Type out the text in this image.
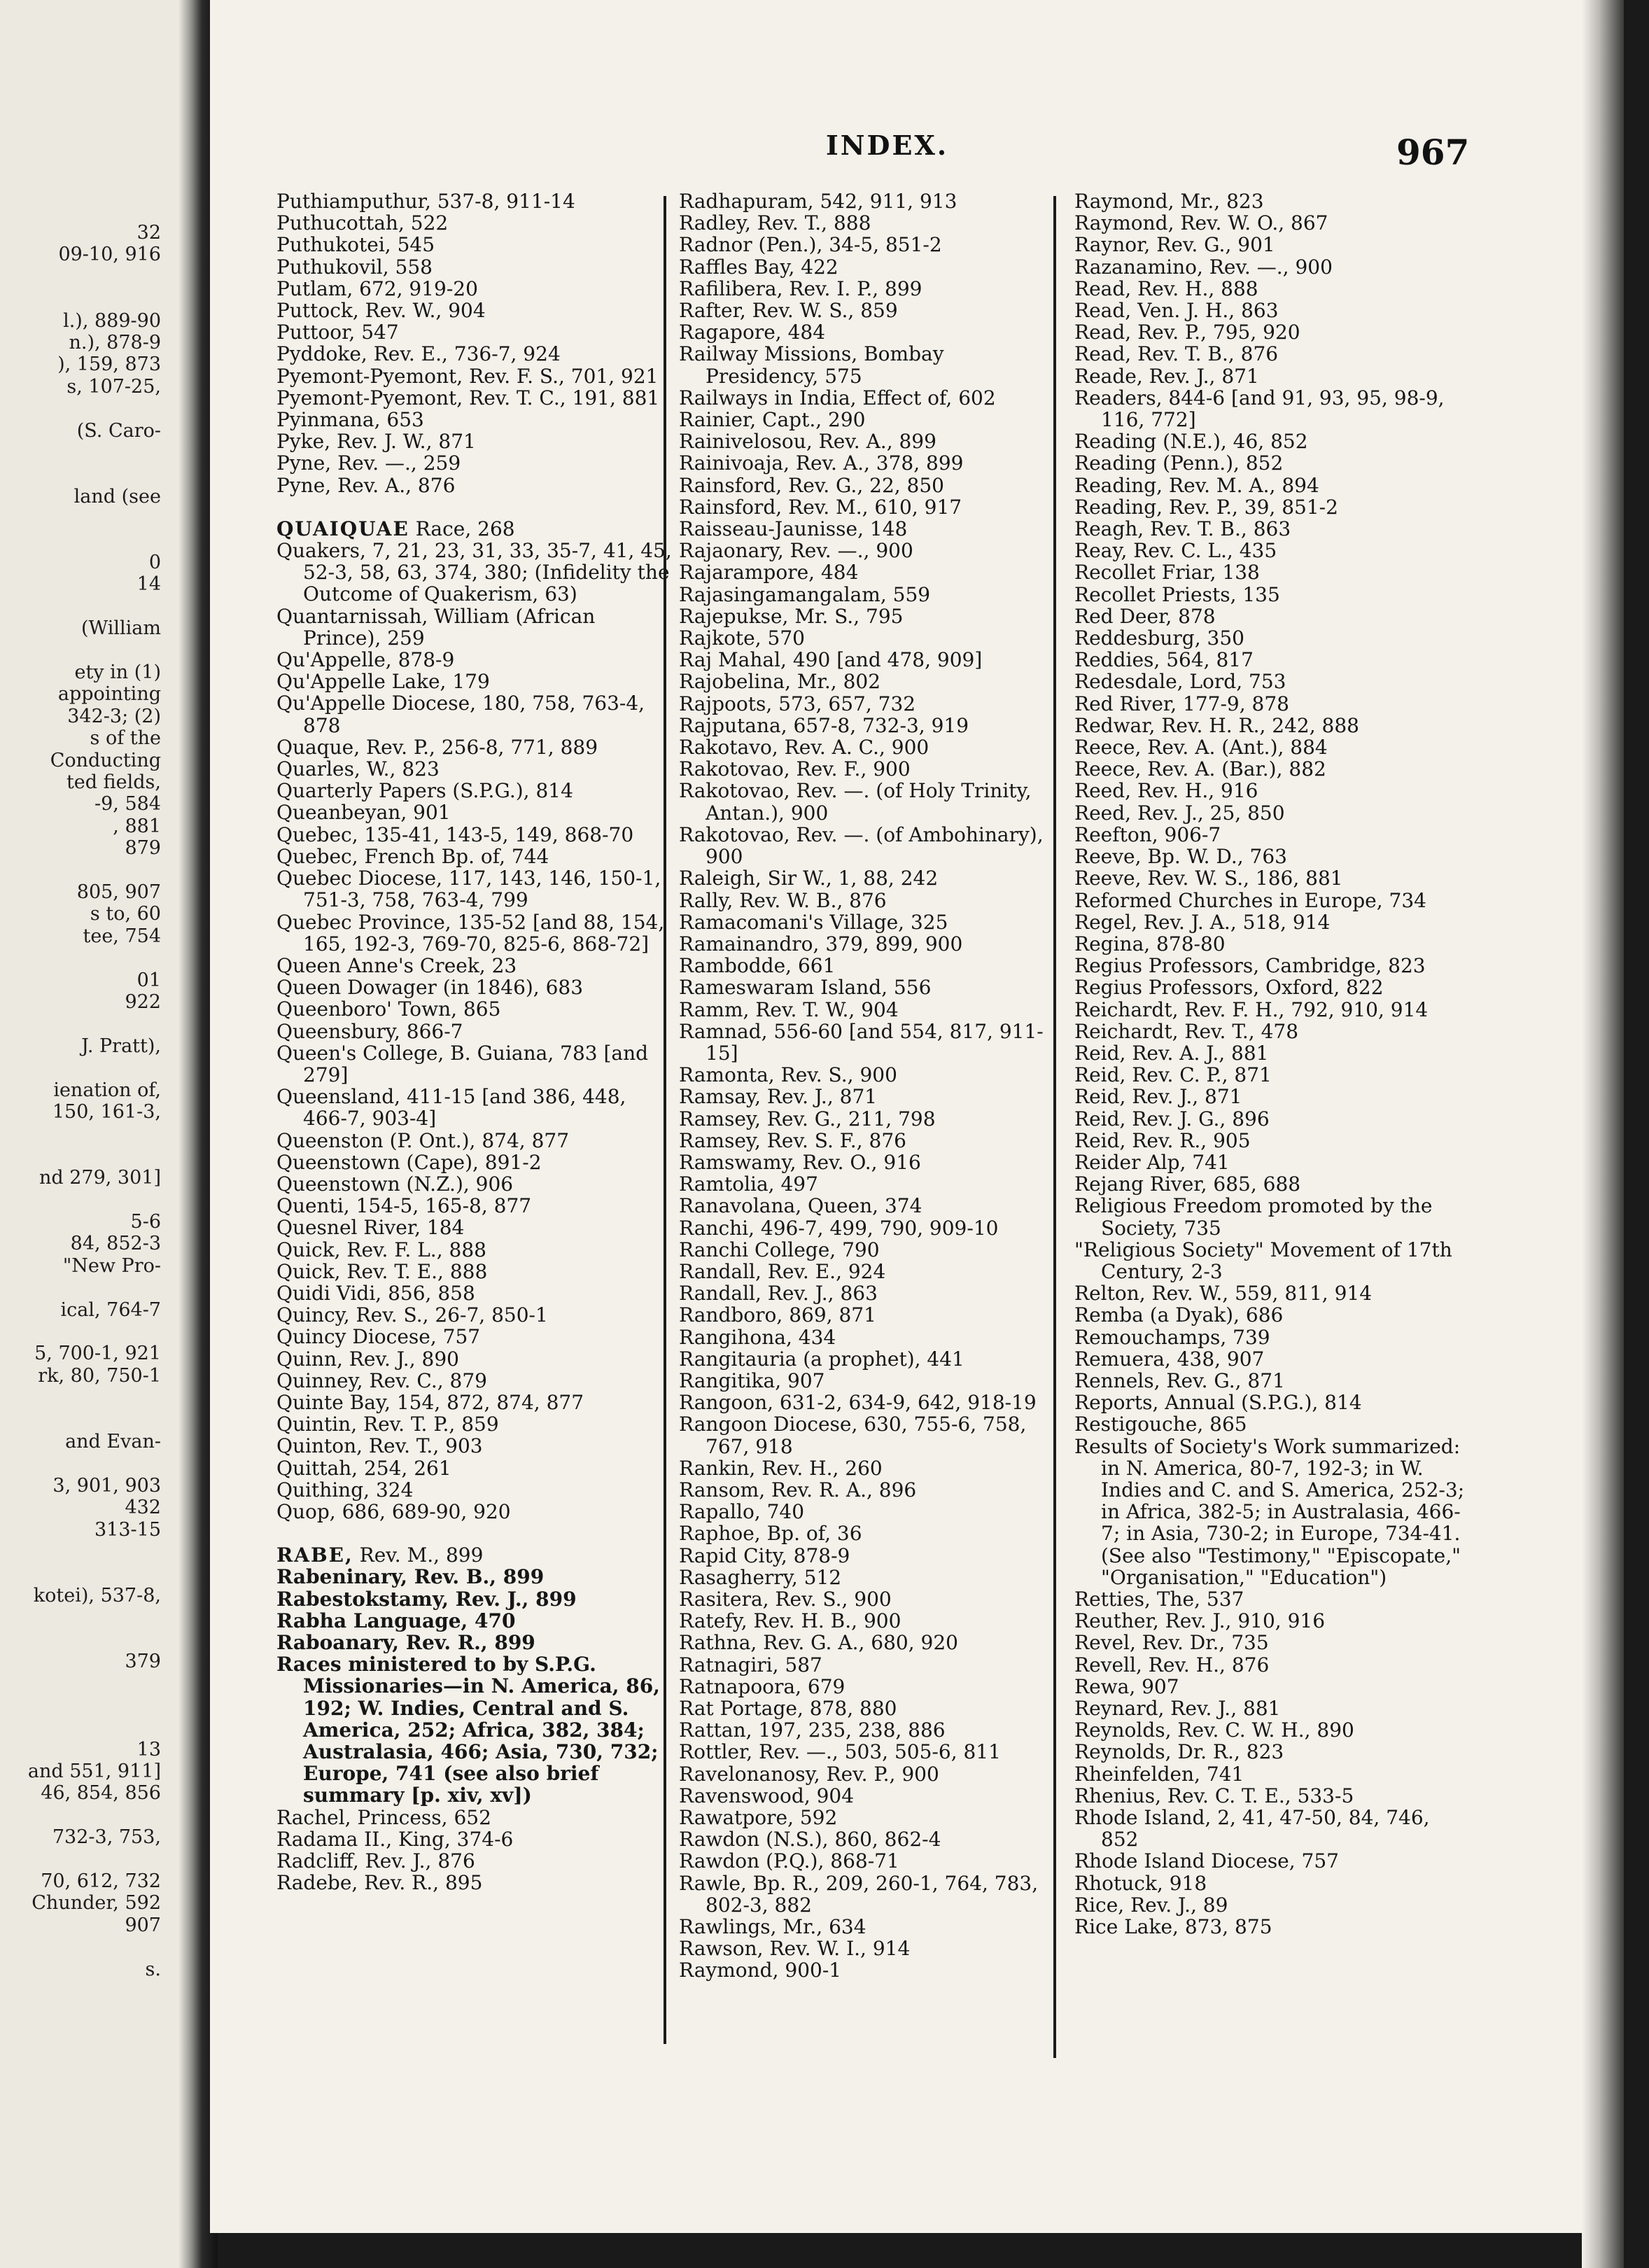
32
09-10, 916
l.), 889-90
n.), 878-9
), 159, 873
s, 107-25,
(S. Caro-
land (see
0
14
(William
ety in (1)
appointing
342-3; (2)
s of the
Conducting
ted fields,
-9, 584
, 881
879
805, 907
s to, 60
tee, 754
01
922
J. Pratt),
ienation of,
150, 161-3,
nd 279, 301]
5-6
84, 852-3
"New Pro-
ical, 764-7
5, 700-1, 921
rk, 80, 750-1
and Evan-
3, 901, 903
432
313-15
kotei), 537-8,
379
13
and 551, 911]
46, 854, 856
732-3, 753,
70, 612, 732
Chunder, 592
907
s.
INDEX.	967
Puthiamputhur, 537-8, 911-14
Puthucottah, 522
Puthukotei, 545
Puthukovil, 558
Putlam, 672, 919-20
Puttock, Rev. W., 904
Puttoor, 547
Pyddoke, Rev. E., 736-7, 924
Pyemont-Pyemont, Rev. F. S., 701, 921
Pyemont-Pyemont, Rev. T. C., 191, 881
Pyinmana, 653
Pyke, Rev. J. W., 871
Pyne, Rev. —., 259
Pyne, Rev. A., 876
QUAIQUAE Race, 268
Quakers, 7, 21, 23, 31, 33, 35-7, 41, 45, 52-3, 58, 63, 374, 380; (Infidelity the Outcome of Quakerism, 63)
Quantarnissah, William (African Prince), 259
Qu'Appelle, 878-9
Qu'Appelle Lake, 179
Qu'Appelle Diocese, 180, 758, 763-4, 878
Quaque, Rev. P., 256-8, 771, 889
Quarles, W., 823
Quarterly Papers (S.P.G.), 814
Queanbeyan, 901
Quebec, 135-41, 143-5, 149, 868-70
Quebec, French Bp. of, 744
Quebec Diocese, 117, 143, 146, 150-1, 751-3, 758, 763-4, 799
Quebec Province, 135-52 [and 88, 154, 165, 192-3, 769-70, 825-6, 868-72]
Queen Anne's Creek, 23
Queen Dowager (in 1846), 683
Queenboro' Town, 865
Queensbury, 866-7
Queen's College, B. Guiana, 783 [and 279]
Queensland, 411-15 [and 386, 448, 466-7, 903-4]
Queenston (P. Ont.), 874, 877
Queenstown (Cape), 891-2
Queenstown (N.Z.), 906
Quenti, 154-5, 165-8, 877
Quesnel River, 184
Quick, Rev. F. L., 888
Quick, Rev. T. E., 888
Quidi Vidi, 856, 858
Quincy, Rev. S., 26-7, 850-1
Quincy Diocese, 757
Quinn, Rev. J., 890
Quinney, Rev. C., 879
Quinte Bay, 154, 872, 874, 877
Quintin, Rev. T. P., 859
Quinton, Rev. T., 903
Quittah, 254, 261
Quithing, 324
Quop, 686, 689-90, 920
RABE, Rev. M., 899
Rabeninary, Rev. B., 899
Rabestokstamy, Rev. J., 899
Rabha Language, 470
Raboanary, Rev. R., 899
Races ministered to by S.P.G. Missionaries—in N. America, 86, 192; W. Indies, Central and S. America, 252; Africa, 382, 384; Australasia, 466; Asia, 730, 732; Europe, 741 (see also brief summary [p. xiv, xv])
Rachel, Princess, 652
Radama II., King, 374-6
Radcliff, Rev. J., 876
Radebe, Rev. R., 895
Radhapuram, 542, 911, 913
Radley, Rev. T., 888
Radnor (Pen.), 34-5, 851-2
Raffles Bay, 422
Rafilibera, Rev. I. P., 899
Rafter, Rev. W. S., 859
Ragapore, 484
Railway Missions, Bombay Presidency, 575
Railways in India, Effect of, 602
Rainier, Capt., 290
Rainivelosou, Rev. A., 899
Rainivoaja, Rev. A., 378, 899
Rainsford, Rev. G., 22, 850
Rainsford, Rev. M., 610, 917
Raisseau-Jaunisse, 148
Rajaonary, Rev. —., 900
Rajarampore, 484
Rajasingamangalam, 559
Rajepukse, Mr. S., 795
Rajkote, 570
Raj Mahal, 490 [and 478, 909]
Rajobelina, Mr., 802
Rajpoots, 573, 657, 732
Rajputana, 657-8, 732-3, 919
Rakotavo, Rev. A. C., 900
Rakotovao, Rev. F., 900
Rakotovao, Rev. —. (of Holy Trinity, Antan.), 900
Rakotovao, Rev. —. (of Ambohinary), 900
Raleigh, Sir W., 1, 88, 242
Rally, Rev. W. B., 876
Ramacomani's Village, 325
Ramainandro, 379, 899, 900
Rambodde, 661
Rameswaram Island, 556
Ramm, Rev. T. W., 904
Ramnad, 556-60 [and 554, 817, 911-15]
Ramonta, Rev. S., 900
Ramsay, Rev. J., 871
Ramsey, Rev. G., 211, 798
Ramsey, Rev. S. F., 876
Ramswamy, Rev. O., 916
Ramtolia, 497
Ranavolana, Queen, 374
Ranchi, 496-7, 499, 790, 909-10
Ranchi College, 790
Randall, Rev. E., 924
Randall, Rev. J., 863
Randboro, 869, 871
Rangihona, 434
Rangitauria (a prophet), 441
Rangitika, 907
Rangoon, 631-2, 634-9, 642, 918-19
Rangoon Diocese, 630, 755-6, 758, 767, 918
Rankin, Rev. H., 260
Ransom, Rev. R. A., 896
Rapallo, 740
Raphoe, Bp. of, 36
Rapid City, 878-9
Rasagherry, 512
Rasitera, Rev. S., 900
Ratefy, Rev. H. B., 900
Rathna, Rev. G. A., 680, 920
Ratnagiri, 587
Ratnapoora, 679
Rat Portage, 878, 880
Rattan, 197, 235, 238, 886
Rottler, Rev. —., 503, 505-6, 811
Ravelonanosy, Rev. P., 900
Ravenswood, 904
Rawatpore, 592
Rawdon (N.S.), 860, 862-4
Rawdon (P.Q.), 868-71
Rawle, Bp. R., 209, 260-1, 764, 783, 802-3, 882
Rawlings, Mr., 634
Rawson, Rev. W. I., 914
Raymond, 900-1
Raymond, Mr., 823
Raymond, Rev. W. O., 867
Raynor, Rev. G., 901
Razanamino, Rev. —., 900
Read, Rev. H., 888
Read, Ven. J. H., 863
Read, Rev. P., 795, 920
Read, Rev. T. B., 876
Reade, Rev. J., 871
Readers, 844-6 [and 91, 93, 95, 98-9, 116, 772]
Reading (N.E.), 46, 852
Reading (Penn.), 852
Reading, Rev. M. A., 894
Reading, Rev. P., 39, 851-2
Reagh, Rev. T. B., 863
Reay, Rev. C. L., 435
Recollet Friar, 138
Recollet Priests, 135
Red Deer, 878
Reddesburg, 350
Reddies, 564, 817
Redesdale, Lord, 753
Red River, 177-9, 878
Redwar, Rev. H. R., 242, 888
Reece, Rev. A. (Ant.), 884
Reece, Rev. A. (Bar.), 882
Reed, Rev. H., 916
Reed, Rev. J., 25, 850
Reefton, 906-7
Reeve, Bp. W. D., 763
Reeve, Rev. W. S., 186, 881
Reformed Churches in Europe, 734
Regel, Rev. J. A., 518, 914
Regina, 878-80
Regius Professors, Cambridge, 823
Regius Professors, Oxford, 822
Reichardt, Rev. F. H., 792, 910, 914
Reichardt, Rev. T., 478
Reid, Rev. A. J., 881
Reid, Rev. C. P., 871
Reid, Rev. J., 871
Reid, Rev. J. G., 896
Reid, Rev. R., 905
Reider Alp, 741
Rejang River, 685, 688
Religious Freedom promoted by the Society, 735
"Religious Society" Movement of 17th Century, 2-3
Relton, Rev. W., 559, 811, 914
Remba (a Dyak), 686
Remouchamps, 739
Remuera, 438, 907
Rennels, Rev. G., 871
Reports, Annual (S.P.G.), 814
Restigouche, 865
Results of Society's Work summarized: in N. America, 80-7, 192-3; in W. Indies and C. and S. America, 252-3; in Africa, 382-5; in Australasia, 466-7; in Asia, 730-2; in Europe, 734-41. (See also "Testimony," "Episcopate," "Organisation," "Education")
Retties, The, 537
Reuther, Rev. J., 910, 916
Revel, Rev. Dr., 735
Revell, Rev. H., 876
Rewa, 907
Reynard, Rev. J., 881
Reynolds, Rev. C. W. H., 890
Reynolds, Dr. R., 823
Rheinfelden, 741
Rhenius, Rev. C. T. E., 533-5
Rhode Island, 2, 41, 47-50, 84, 746, 852
Rhode Island Diocese, 757
Rhotuck, 918
Rice, Rev. J., 89
Rice Lake, 873, 875
